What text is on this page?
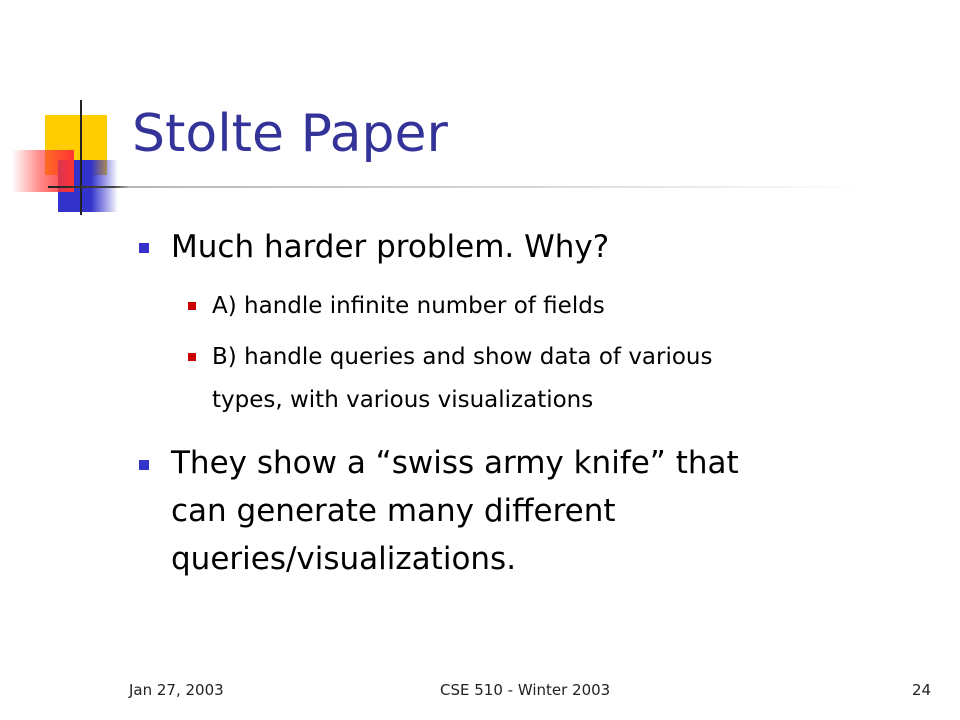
Stolte Paper
Much harder problem. Why?
A) handle infinite number of fields
B) handle queries and show data of various
types, with various visualizations
They show a “swiss army knife” that
can generate many different
queries/visualizations.
Jan 27, 2003	CSE 510 - Winter 2003	24
